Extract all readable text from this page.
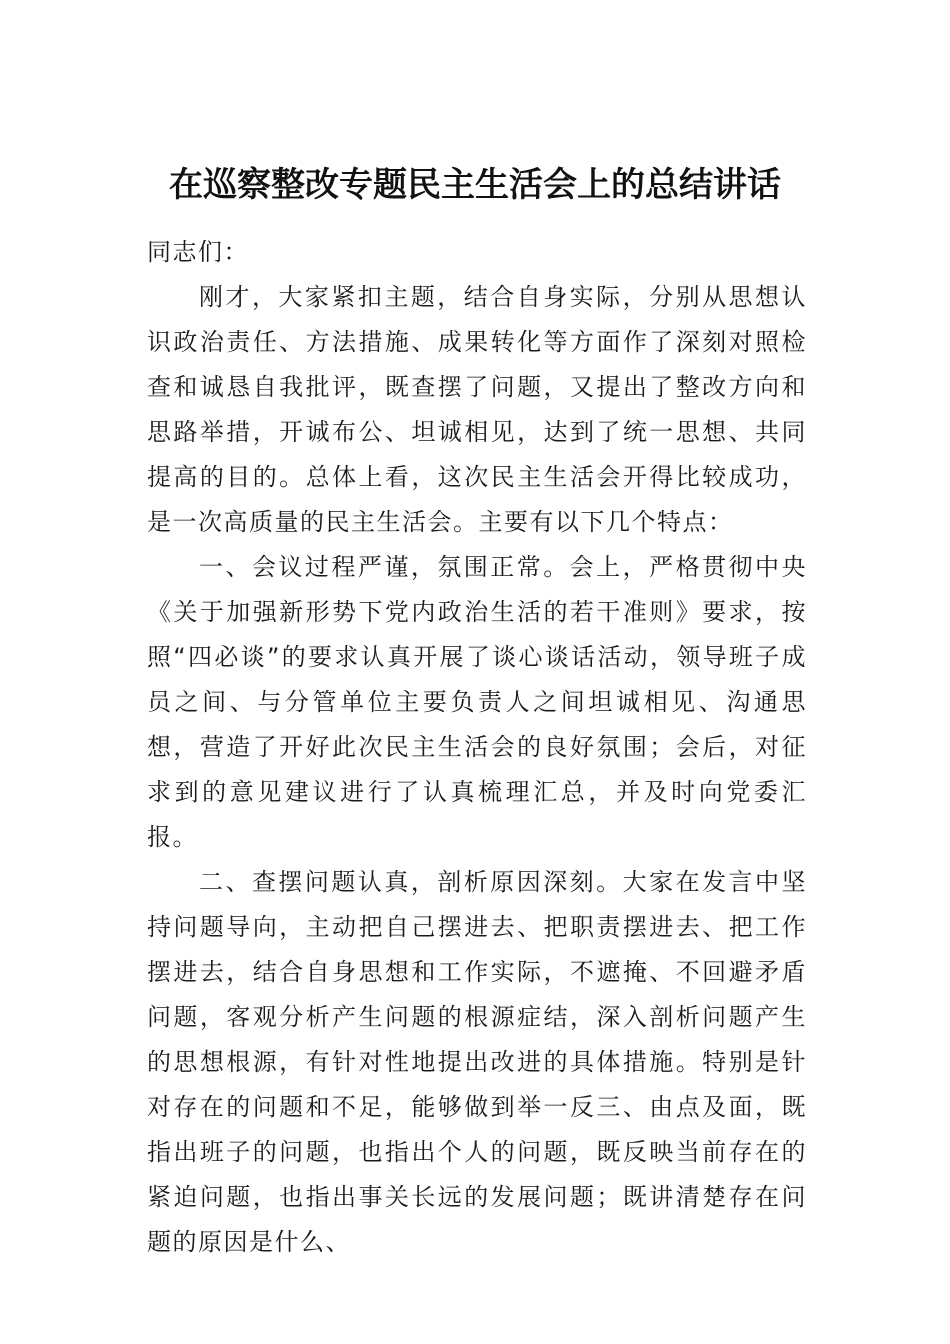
在巡察整改专题民主生活会上的总结讲话

同志们：

刚才，大家紧扣主题，结合自身实际，分别从思想认识政治责任、方法措施、成果转化等方面作了深刻对照检查和诚恳自我批评，既查摆了问题，又提出了整改方向和思路举措，开诚布公、坦诚相见，达到了统一思想、共同提高的目的。总体上看，这次民主生活会开得比较成功，是一次高质量的民主生活会。主要有以下几个特点：

一、会议过程严谨，氛围正常。会上，严格贯彻中央《关于加强新形势下党内政治生活的若干准则》要求，按照“四必谈”的要求认真开展了谈心谈话活动，领导班子成员之间、与分管单位主要负责人之间坦诚相见、沟通思想，营造了开好此次民主生活会的良好氛围；会后，对征求到的意见建议进行了认真梳理汇总，并及时向党委汇报。

二、查摆问题认真，剖析原因深刻。大家在发言中坚持问题导向，主动把自己摆进去、把职责摆进去、把工作摆进去，结合自身思想和工作实际，不遮掩、不回避矛盾问题，客观分析产生问题的根源症结，深入剖析问题产生的思想根源，有针对性地提出改进的具体措施。特别是针对存在的问题和不足，能够做到举一反三、由点及面，既指出班子的问题，也指出个人的问题，既反映当前存在的紧迫问题，也指出事关长远的发展问题；既讲清楚存在问题的原因是什么、
